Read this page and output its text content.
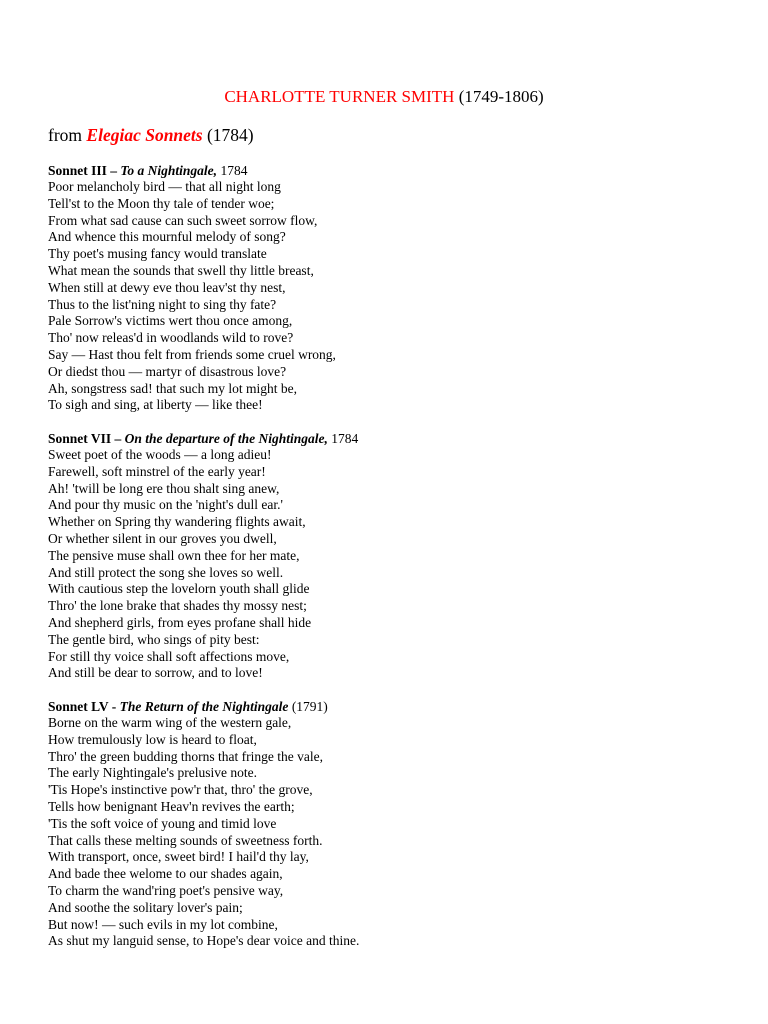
CHARLOTTE TURNER SMITH (1749-1806)
from Elegiac Sonnets (1784)
Sonnet III – To a Nightingale, 1784
Poor melancholy bird — that all night long
Tell'st to the Moon thy tale of tender woe;
From what sad cause can such sweet sorrow flow,
And whence this mournful melody of song?
Thy poet's musing fancy would translate
What mean the sounds that swell thy little breast,
When still at dewy eve thou leav'st thy nest,
Thus to the list'ning night to sing thy fate?
Pale Sorrow's victims wert thou once among,
Tho' now releas'd in woodlands wild to rove?
Say — Hast thou felt from friends some cruel wrong,
Or diedst thou — martyr of disastrous love?
Ah, songstress sad! that such my lot might be,
To sigh and sing, at liberty — like thee!
Sonnet VII – On the departure of the Nightingale, 1784
Sweet poet of the woods — a long adieu!
Farewell, soft minstrel of the early year!
Ah! 'twill be long ere thou shalt sing anew,
And pour thy music on the 'night's dull ear.'
Whether on Spring thy wandering flights await,
Or whether silent in our groves you dwell,
The pensive muse shall own thee for her mate,
And still protect the song she loves so well.
With cautious step the lovelorn youth shall glide
Thro' the lone brake that shades thy mossy nest;
And shepherd girls, from eyes profane shall hide
The gentle bird, who sings of pity best:
For still thy voice shall soft affections move,
And still be dear to sorrow, and to love!
Sonnet LV - The Return of the Nightingale (1791)
Borne on the warm wing of the western gale,
How tremulously low is heard to float,
Thro' the green budding thorns that fringe the vale,
The early Nightingale's prelusive note.
'Tis Hope's instinctive pow'r that, thro' the grove,
Tells how benignant Heav'n revives the earth;
'Tis the soft voice of young and timid love
That calls these melting sounds of sweetness forth.
With transport, once, sweet bird! I hail'd thy lay,
And bade thee welome to our shades again,
To charm the wand'ring poet's pensive way,
And soothe the solitary lover's pain;
But now! — such evils in my lot combine,
As shut my languid sense, to Hope's dear voice and thine.
